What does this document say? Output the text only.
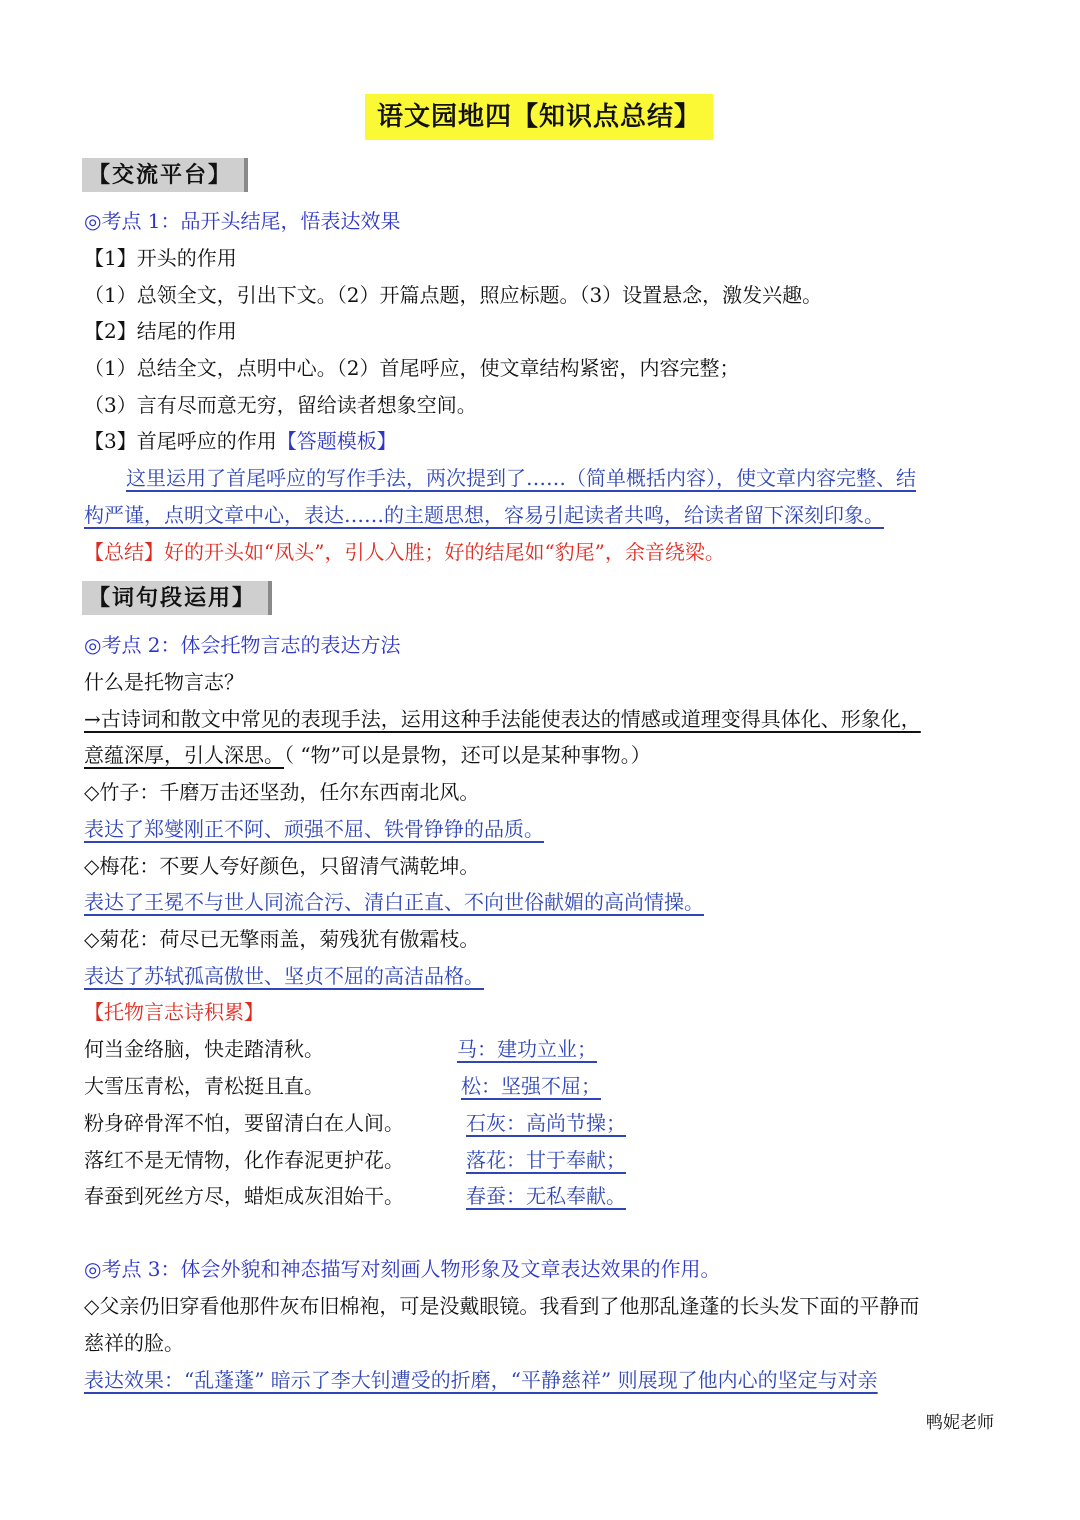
语文园地四【知识点总结】
【交流平台】
◎考点 1：品开头结尾，悟表达效果
【1】开头的作用
（1）总领全文，引出下文。（2）开篇点题，照应标题。（3）设置悬念，激发兴趣。
【2】结尾的作用
（1）总结全文，点明中心。（2）首尾呼应，使文章结构紧密，内容完整；
（3）言有尽而意无穷，留给读者想象空间。
【3】首尾呼应的作用【答题模板】
这里运用了首尾呼应的写作手法，两次提到了……（简单概括内容），使文章内容完整、结
构严谨，点明文章中心，表达……的主题思想，容易引起读者共鸣，给读者留下深刻印象。
【总结】好的开头如“凤头”，引人入胜；好的结尾如“豹尾”，余音绕梁。
【词句段运用】
◎考点 2：体会托物言志的表达方法
什么是托物言志？
→古诗词和散文中常见的表现手法，运用这种手法能使表达的情感或道理变得具体化、形象化，
意蕴深厚，引人深思。（ “物”可以是景物，还可以是某种事物。）
◇竹子：千磨万击还坚劲，任尔东西南北风。
表达了郑燮刚正不阿、顽强不屈、铁骨铮铮的品质。
◇梅花：不要人夸好颜色，只留清气满乾坤。
表达了王冕不与世人同流合污、清白正直、不向世俗献媚的高尚情操。
◇菊花：荷尽已无擎雨盖，菊残犹有傲霜枝。
表达了苏轼孤高傲世、坚贞不屈的高洁品格。
【托物言志诗积累】
何当金络脑，快走踏清秋。	马：建功立业；
大雪压青松，青松挺且直。	松：坚强不屈；
粉身碎骨浑不怕，要留清白在人间。	石灰：高尚节操；
落红不是无情物，化作春泥更护花。	落花：甘于奉献；
春蚕到死丝方尽，蜡炬成灰泪始干。	春蚕：无私奉献。
◎考点 3：体会外貌和神态描写对刻画人物形象及文章表达效果的作用。
◇父亲仍旧穿看他那件灰布旧棉袍，可是没戴眼镜。我看到了他那乱逢蓬的长头发下面的平静而
慈祥的脸。
表达效果：“乱蓬蓬” 暗示了李大钊遭受的折磨，“平静慈祥” 则展现了他内心的坚定与对亲
鸭妮老师
